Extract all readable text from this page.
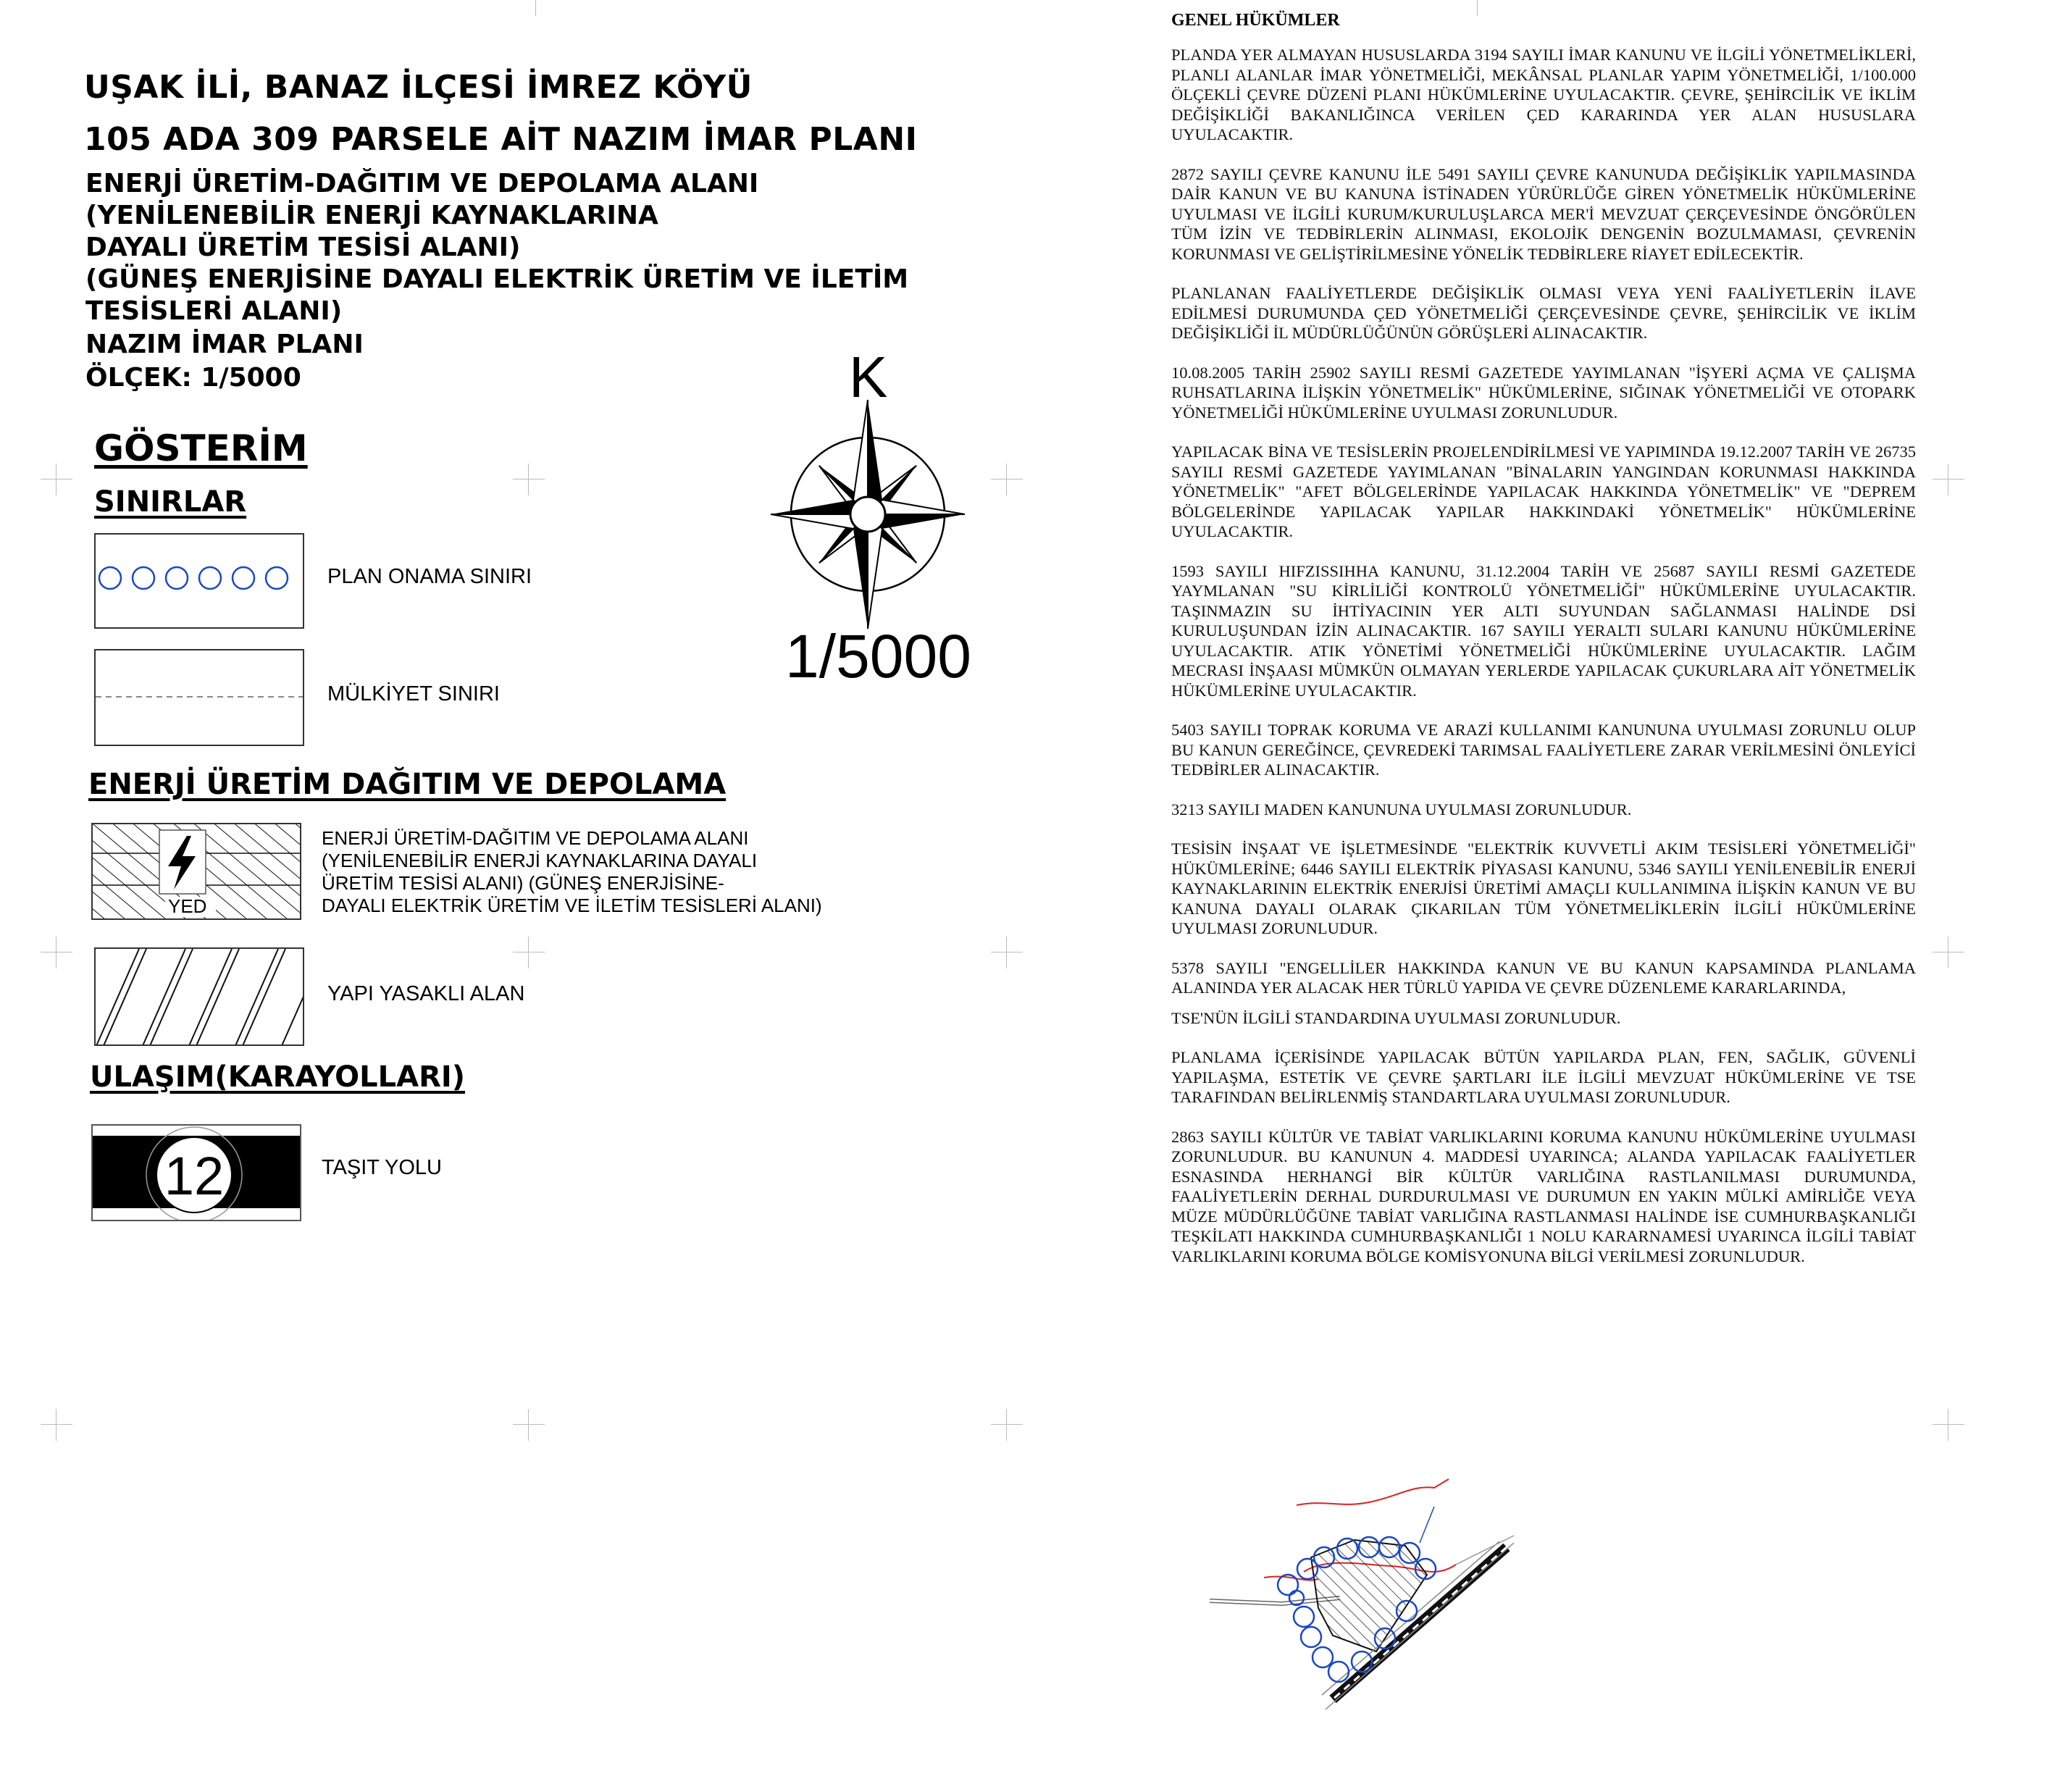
UŞAK İLİ, BANAZ İLÇESİ İMREZ KÖYÜ
105 ADA 309 PARSELE AİT NAZIM İMAR PLANI
ENERJİ ÜRETİM-DAĞITIM VE DEPOLAMA ALANI
(YENİLENEBİLİR ENERJİ KAYNAKLARINA
DAYALI ÜRETİM TESİSİ ALANI)
(GÜNEŞ ENERJİSİNE DAYALI ELEKTRİK ÜRETİM VE İLETİM
TESİSLERİ ALANI)
NAZIM İMAR PLANI
ÖLÇEK: 1/5000	K
1/5000
GÖSTERİM
SINIRLAR
PLAN ONAMA SINIRI
MÜLKİYET SINIRI
ENERJİ ÜRETİM DAĞITIM VE DEPOLAMA
YED
ENERJİ ÜRETİM-DAĞITIM VE DEPOLAMA ALANI
(YENİLENEBİLİR ENERJİ KAYNAKLARINA DAYALI
ÜRETİM TESİSİ ALANI) (GÜNEŞ ENERJİSİNE-
DAYALI ELEKTRİK ÜRETİM VE İLETİM TESİSLERİ ALANI)
YAPI YASAKLI ALAN
ULAŞIM(KARAYOLLARI)
12	TAŞIT YOLU
GENEL HÜKÜMLER

PLANDA YER ALMAYAN HUSUSLARDA 3194 SAYILI İMAR KANUNU VE İLGİLİ YÖNETMELİKLERİ, PLANLI ALANLAR İMAR YÖNETMELİĞİ, MEKÂNSAL PLANLAR YAPIM YÖNETMELİĞİ, 1/100.000 ÖLÇEKLİ ÇEVRE DÜZENİ PLANI HÜKÜMLERİNE UYULACAKTIR. ÇEVRE, ŞEHİRCİLİK VE İKLİM DEĞİŞİKLİĞİ BAKANLIĞINCA VERİLEN ÇED KARARINDA YER ALAN HUSUSLARA UYULACAKTIR.

2872 SAYILI ÇEVRE KANUNU İLE 5491 SAYILI ÇEVRE KANUNUDA DEĞİŞİKLİK YAPILMASINDA DAİR KANUN VE BU KANUNA İSTİNADEN YÜRÜRLÜĞE GİREN YÖNETMELİK HÜKÜMLERİNE UYULMASI VE İLGİLİ KURUM/KURULUŞLARCA MER'İ MEVZUAT ÇERÇEVESİNDE ÖNGÖRÜLEN TÜM İZİN VE TEDBİRLERİN ALINMASI, EKOLOJİK DENGENİN BOZULMAMASI, ÇEVRENİN KORUNMASI VE GELİŞTİRİLMESİNE YÖNELİK TEDBİRLERE RİAYET EDİLECEKTİR.

PLANLANAN FAALİYETLERDE DEĞİŞİKLİK OLMASI VEYA YENİ FAALİYETLERİN İLAVE EDİLMESİ DURUMUNDA ÇED YÖNETMELİĞİ ÇERÇEVESİNDE ÇEVRE, ŞEHİRCİLİK VE İKLİM DEĞİŞİKLİĞİ İL MÜDÜRLÜĞÜNÜN GÖRÜŞLERİ ALINACAKTIR.

10.08.2005 TARİH 25902 SAYILI RESMİ GAZETEDE YAYIMLANAN "İŞYERİ AÇMA VE ÇALIŞMA RUHSATLARINA İLİŞKİN YÖNETMELİK" HÜKÜMLERİNE, SIĞINAK YÖNETMELİĞİ VE OTOPARK YÖNETMELİĞİ HÜKÜMLERİNE UYULMASI ZORUNLUDUR.

YAPILACAK BİNA VE TESİSLERİN PROJELENDİRİLMESİ VE YAPIMINDA 19.12.2007 TARİH VE 26735 SAYILI RESMİ GAZETEDE YAYIMLANAN "BİNALARIN YANGINDAN KORUNMASI HAKKINDA YÖNETMELİK" "AFET BÖLGELERİNDE YAPILACAK HAKKINDA YÖNETMELİK" VE "DEPREM BÖLGELERİNDE YAPILACAK YAPILAR HAKKINDAKİ YÖNETMELİK" HÜKÜMLERİNE UYULACAKTIR.

1593 SAYILI HIFZISSIHHA KANUNU, 31.12.2004 TARİH VE 25687 SAYILI RESMİ GAZETEDE YAYMLANAN "SU KİRLİLİĞİ KONTROLÜ YÖNETMELİĞİ" HÜKÜMLERİNE UYULACAKTIR. TAŞINMAZIN SU İHTİYACININ YER ALTI SUYUNDAN SAĞLANMASI HALİNDE DSİ KURULUŞUNDAN İZİN ALINACAKTIR. 167 SAYILI YERALTI SULARI KANUNU HÜKÜMLERİNE UYULACAKTIR. ATIK YÖNETİMİ YÖNETMELİĞİ HÜKÜMLERİNE UYULACAKTIR. LAĞIM MECRASI İNŞAASI MÜMKÜN OLMAYAN YERLERDE YAPILACAK ÇUKURLARA AİT YÖNETMELİK HÜKÜMLERİNE UYULACAKTIR.

5403 SAYILI TOPRAK KORUMA VE ARAZİ KULLANIMI KANUNUNA UYULMASI ZORUNLU OLUP BU KANUN GEREĞİNCE, ÇEVREDEKİ TARIMSAL FAALİYETLERE ZARAR VERİLMESİNİ ÖNLEYİCİ TEDBİRLER ALINACAKTIR.

3213 SAYILI MADEN KANUNUNA UYULMASI ZORUNLUDUR.

TESİSİN İNŞAAT VE İŞLETMESİNDE "ELEKTRİK KUVVETLİ AKIM TESİSLERİ YÖNETMELİĞİ" HÜKÜMLERİNE; 6446 SAYILI ELEKTRİK PİYASASI KANUNU, 5346 SAYILI YENİLENEBİLİR ENERJİ KAYNAKLARININ ELEKTRİK ENERJİSİ ÜRETİMİ AMAÇLI KULLANIMINA İLİŞKİN KANUN VE BU KANUNA DAYALI OLARAK ÇIKARILAN TÜM YÖNETMELİKLERİN İLGİLİ HÜKÜMLERİNE UYULMASI ZORUNLUDUR.

5378 SAYILI "ENGELLİLER HAKKINDA KANUN VE BU KANUN KAPSAMINDA PLANLAMA ALANINDA YER ALACAK HER TÜRLÜ YAPIDA VE ÇEVRE DÜZENLEME KARARLARINDA,

TSE'NÜN İLGİLİ STANDARDINA UYULMASI ZORUNLUDUR.

PLANLAMA İÇERİSİNDE YAPILACAK BÜTÜN YAPILARDA PLAN, FEN, SAĞLIK, GÜVENLİ YAPILAŞMA, ESTETİK VE ÇEVRE ŞARTLARI İLE İLGİLİ MEVZUAT HÜKÜMLERİNE VE TSE TARAFINDAN BELİRLENMİŞ STANDARTLARA UYULMASI ZORUNLUDUR.

2863 SAYILI KÜLTÜR VE TABİAT VARLIKLARINI KORUMA KANUNU HÜKÜMLERİNE UYULMASI ZORUNLUDUR. BU KANUNUN 4. MADDESİ UYARINCA; ALANDA YAPILACAK FAALİYETLER ESNASINDA HERHANGİ BİR KÜLTÜR VARLIĞINA RASTLANILMASI DURUMUNDA, FAALİYETLERİN DERHAL DURDURULMASI VE DURUMUN EN YAKIN MÜLKİ AMİRLİĞE VEYA MÜZE MÜDÜRLÜĞÜNE TABİAT VARLIĞINA RASTLANMASI HALİNDE İSE CUMHURBAŞKANLIĞI TEŞKİLATI HAKKINDA CUMHURBAŞKANLIĞI 1 NOLU KARARNAMESİ UYARINCA İLGİLİ TABİAT VARLIKLARINI KORUMA BÖLGE KOMİSYONUNA BİLGİ VERİLMESİ ZORUNLUDUR.
